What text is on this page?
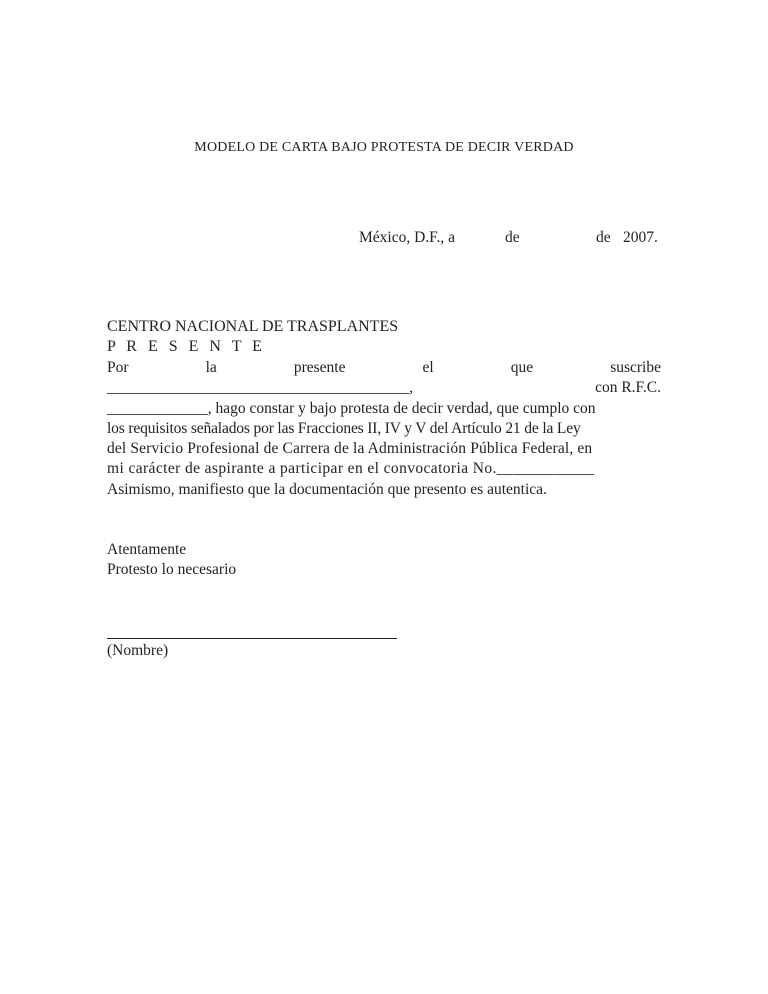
MODELO DE CARTA BAJO PROTESTA DE DECIR VERDAD
México, D.F., a	de	de 2007.
CENTRO NACIONAL DE TRASPLANTES
P R E S E N T E
Por	la	presente	el	que	suscribe
_______________________________________,	con R.F.C.
_____________, hago constar y bajo protesta de decir verdad, que cumplo con
los requisitos señalados por las Fracciones II, IV y V del Artículo 21 de la Ley
del Servicio Profesional de Carrera de la Administración Pública Federal, en
mi carácter de aspirante a participar en el convocatoria No.____________
Asimismo, manifiesto que la documentación que presento es autentica.
Atentamente
Protesto lo necesario
(Nombre)
